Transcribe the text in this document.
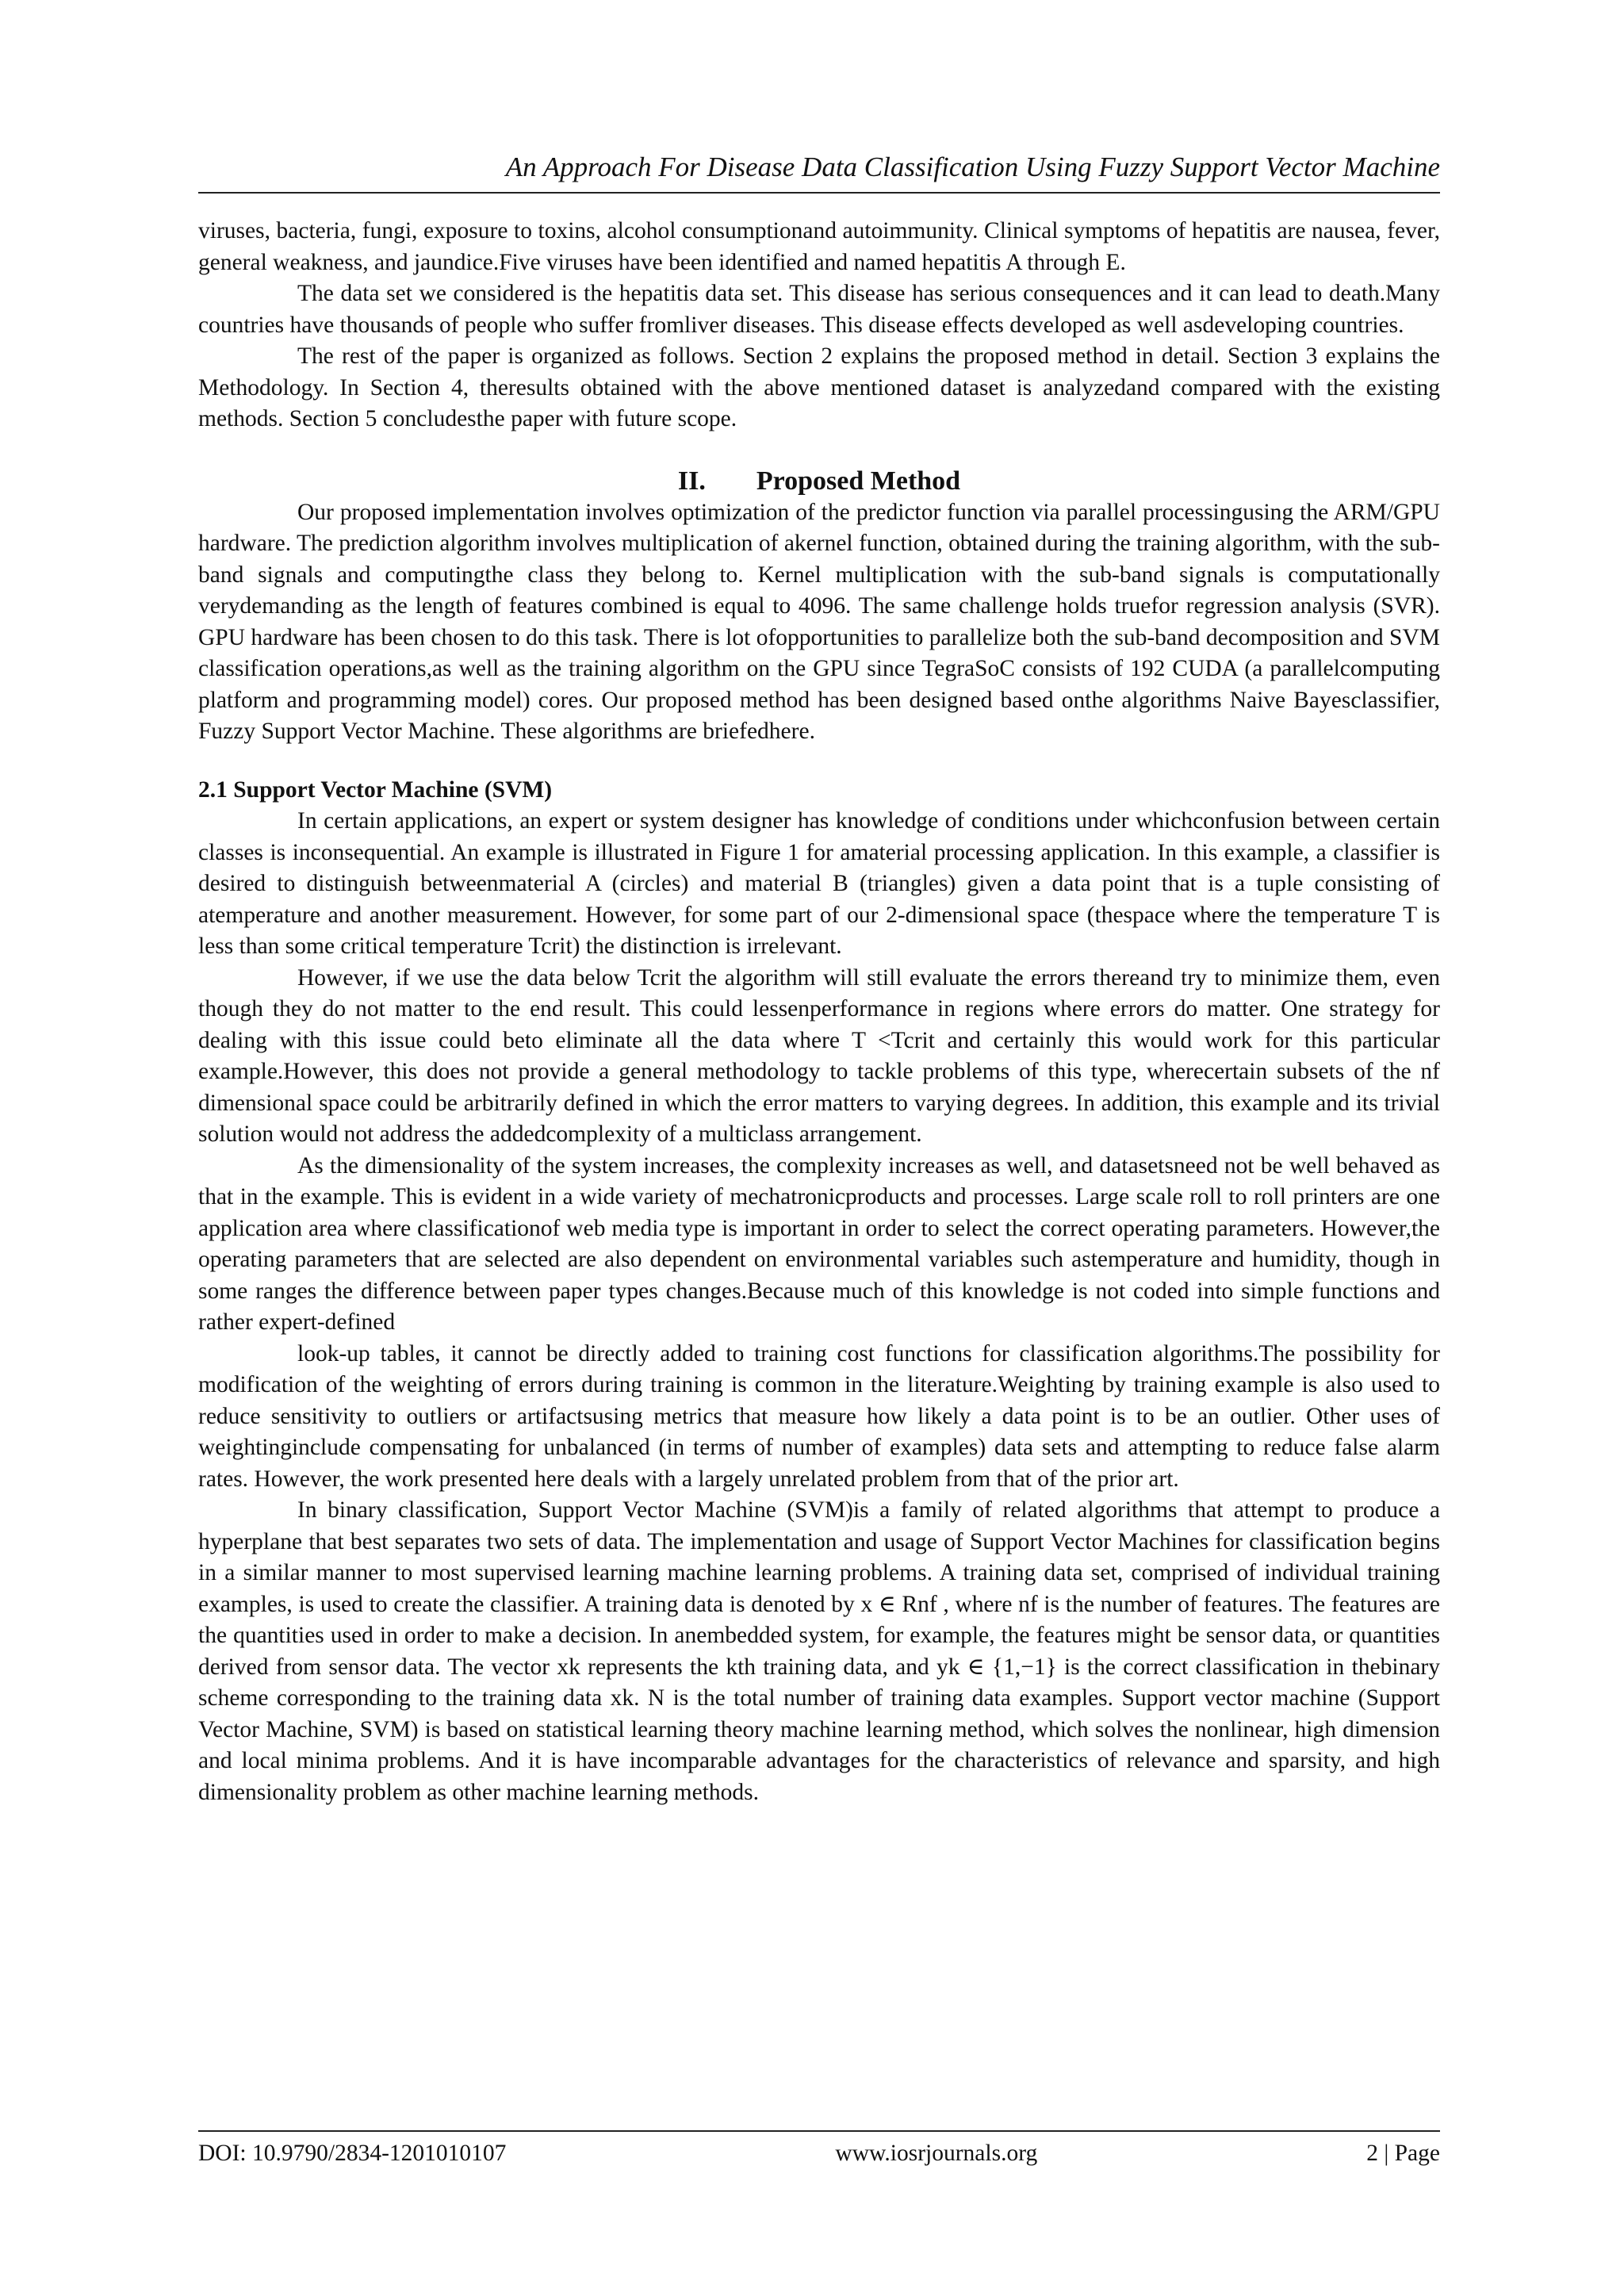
An Approach For Disease Data Classification Using Fuzzy Support Vector Machine

viruses, bacteria, fungi, exposure to toxins, alcohol consumptionand autoimmunity. Clinical symptoms of hepatitis are nausea, fever, general weakness, and jaundice.Five viruses have been identified and named hepatitis A through E.

The data set we considered is the hepatitis data set. This disease has serious consequences and it can lead to death.Many countries have thousands of people who suffer fromliver diseases. This disease effects developed as well asdeveloping countries.

The rest of the paper is organized as follows. Section 2 explains the proposed method in detail. Section 3 explains the Methodology. In Section 4, theresults obtained with the above mentioned dataset is analyzedand compared with the existing methods. Section 5 concludesthe paper with future scope.

II. Proposed Method

Our proposed implementation involves optimization of the predictor function via parallel processingusing the ARM/GPU hardware. The prediction algorithm involves multiplication of akernel function, obtained during the training algorithm, with the sub-band signals and computingthe class they belong to. Kernel multiplication with the sub-band signals is computationally verydemanding as the length of features combined is equal to 4096. The same challenge holds truefor regression analysis (SVR). GPU hardware has been chosen to do this task. There is lot ofopportunities to parallelize both the sub-band decomposition and SVM classification operations,as well as the training algorithm on the GPU since TegraSoC consists of 192 CUDA (a parallelcomputing platform and programming model) cores. Our proposed method has been designed based onthe algorithms Naive Bayesclassifier, Fuzzy Support Vector Machine. These algorithms are briefedhere.

2.1 Support Vector Machine (SVM)

In certain applications, an expert or system designer has knowledge of conditions under whichconfusion between certain classes is inconsequential. An example is illustrated in Figure 1 for amaterial processing application. In this example, a classifier is desired to distinguish betweenmaterial A (circles) and material B (triangles) given a data point that is a tuple consisting of atemperature and another measurement. However, for some part of our 2-dimensional space (thespace where the temperature T is less than some critical temperature Tcrit) the distinction is irrelevant.

However, if we use the data below Tcrit the algorithm will still evaluate the errors thereand try to minimize them, even though they do not matter to the end result. This could lessenperformance in regions where errors do matter. One strategy for dealing with this issue could beto eliminate all the data where T <Tcrit and certainly this would work for this particular example.However, this does not provide a general methodology to tackle problems of this type, wherecertain subsets of the nf dimensional space could be arbitrarily defined in which the error matters to varying degrees. In addition, this example and its trivial solution would not address the addedcomplexity of a multiclass arrangement.

As the dimensionality of the system increases, the complexity increases as well, and datasetsneed not be well behaved as that in the example. This is evident in a wide variety of mechatronicproducts and processes. Large scale roll to roll printers are one application area where classificationof web media type is important in order to select the correct operating parameters. However,the operating parameters that are selected are also dependent on environmental variables such astemperature and humidity, though in some ranges the difference between paper types changes.Because much of this knowledge is not coded into simple functions and rather expert-defined

look-up tables, it cannot be directly added to training cost functions for classification algorithms.The possibility for modification of the weighting of errors during training is common in the literature.Weighting by training example is also used to reduce sensitivity to outliers or artifactsusing metrics that measure how likely a data point is to be an outlier. Other uses of weightinginclude compensating for unbalanced (in terms of number of examples) data sets and attempting to reduce false alarm rates. However, the work presented here deals with a largely unrelated problem from that of the prior art.

In binary classification, Support Vector Machine (SVM)is a family of related algorithms that attempt to produce a hyperplane that best separates two sets of data. The implementation and usage of Support Vector Machines for classification begins in a similar manner to most supervised learning machine learning problems. A training data set, comprised of individual training examples, is used to create the classifier. A training data is denoted by x ∈ Rnf , where nf is the number of features. The features are the quantities used in order to make a decision. In anembedded system, for example, the features might be sensor data, or quantities derived from sensor data. The vector xk represents the kth training data, and yk ∈ {1,−1} is the correct classification in thebinary scheme corresponding to the training data xk. N is the total number of training data examples. Support vector machine (Support Vector Machine, SVM) is based on statistical learning theory machine learning method, which solves the nonlinear, high dimension and local minima problems. And it is have incomparable advantages for the characteristics of relevance and sparsity, and high dimensionality problem as other machine learning methods.

DOI: 10.9790/2834-1201010107	www.iosrjournals.org	2 | Page
